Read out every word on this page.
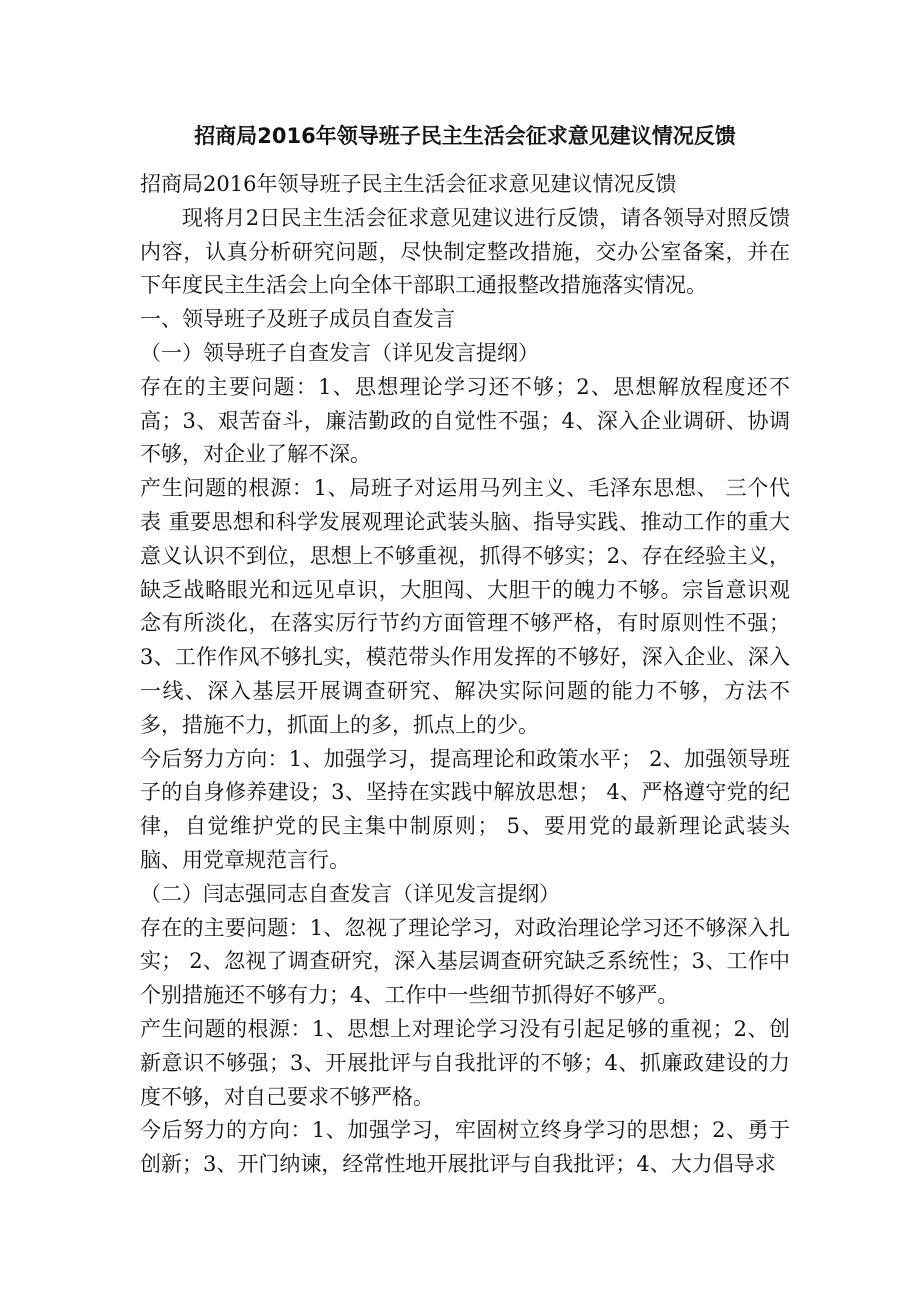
招商局2016年领导班子民主生活会征求意见建议情况反馈

招商局2016年领导班子民主生活会征求意见建议情况反馈

现将月2日民主生活会征求意见建议进行反馈，请各领导对照反馈内容，认真分析研究问题，尽快制定整改措施，交办公室备案，并在下年度民主生活会上向全体干部职工通报整改措施落实情况。

一、领导班子及班子成员自查发言

（一）领导班子自查发言（详见发言提纲）

存在的主要问题：1、思想理论学习还不够；2、思想解放程度还不高；3、艰苦奋斗，廉洁勤政的自觉性不强；4、深入企业调研、协调不够，对企业了解不深。

产生问题的根源：1、局班子对运用马列主义、毛泽东思想、 三个代表 重要思想和科学发展观理论武装头脑、指导实践、推动工作的重大意义认识不到位，思想上不够重视，抓得不够实；2、存在经验主义，缺乏战略眼光和远见卓识，大胆闯、大胆干的魄力不够。宗旨意识观念有所淡化，在落实厉行节约方面管理不够严格，有时原则性不强；3、工作作风不够扎实，模范带头作用发挥的不够好，深入企业、深入一线、深入基层开展调查研究、解决实际问题的能力不够，方法不多，措施不力，抓面上的多，抓点上的少。

今后努力方向：1、加强学习，提高理论和政策水平； 2、加强领导班子的自身修养建设；3、坚持在实践中解放思想； 4、严格遵守党的纪律，自觉维护党的民主集中制原则； 5、要用党的最新理论武装头脑、用党章规范言行。

（二）闫志强同志自查发言（详见发言提纲）

存在的主要问题：1、忽视了理论学习，对政治理论学习还不够深入扎实； 2、忽视了调查研究，深入基层调查研究缺乏系统性；3、工作中个别措施还不够有力；4、工作中一些细节抓得好不够严。

产生问题的根源：1、思想上对理论学习没有引起足够的重视；2、创新意识不够强；3、开展批评与自我批评的不够；4、抓廉政建设的力度不够，对自己要求不够严格。

今后努力的方向：1、加强学习，牢固树立终身学习的思想；2、勇于创新；3、开门纳谏，经常性地开展批评与自我批评；4、大力倡导求
